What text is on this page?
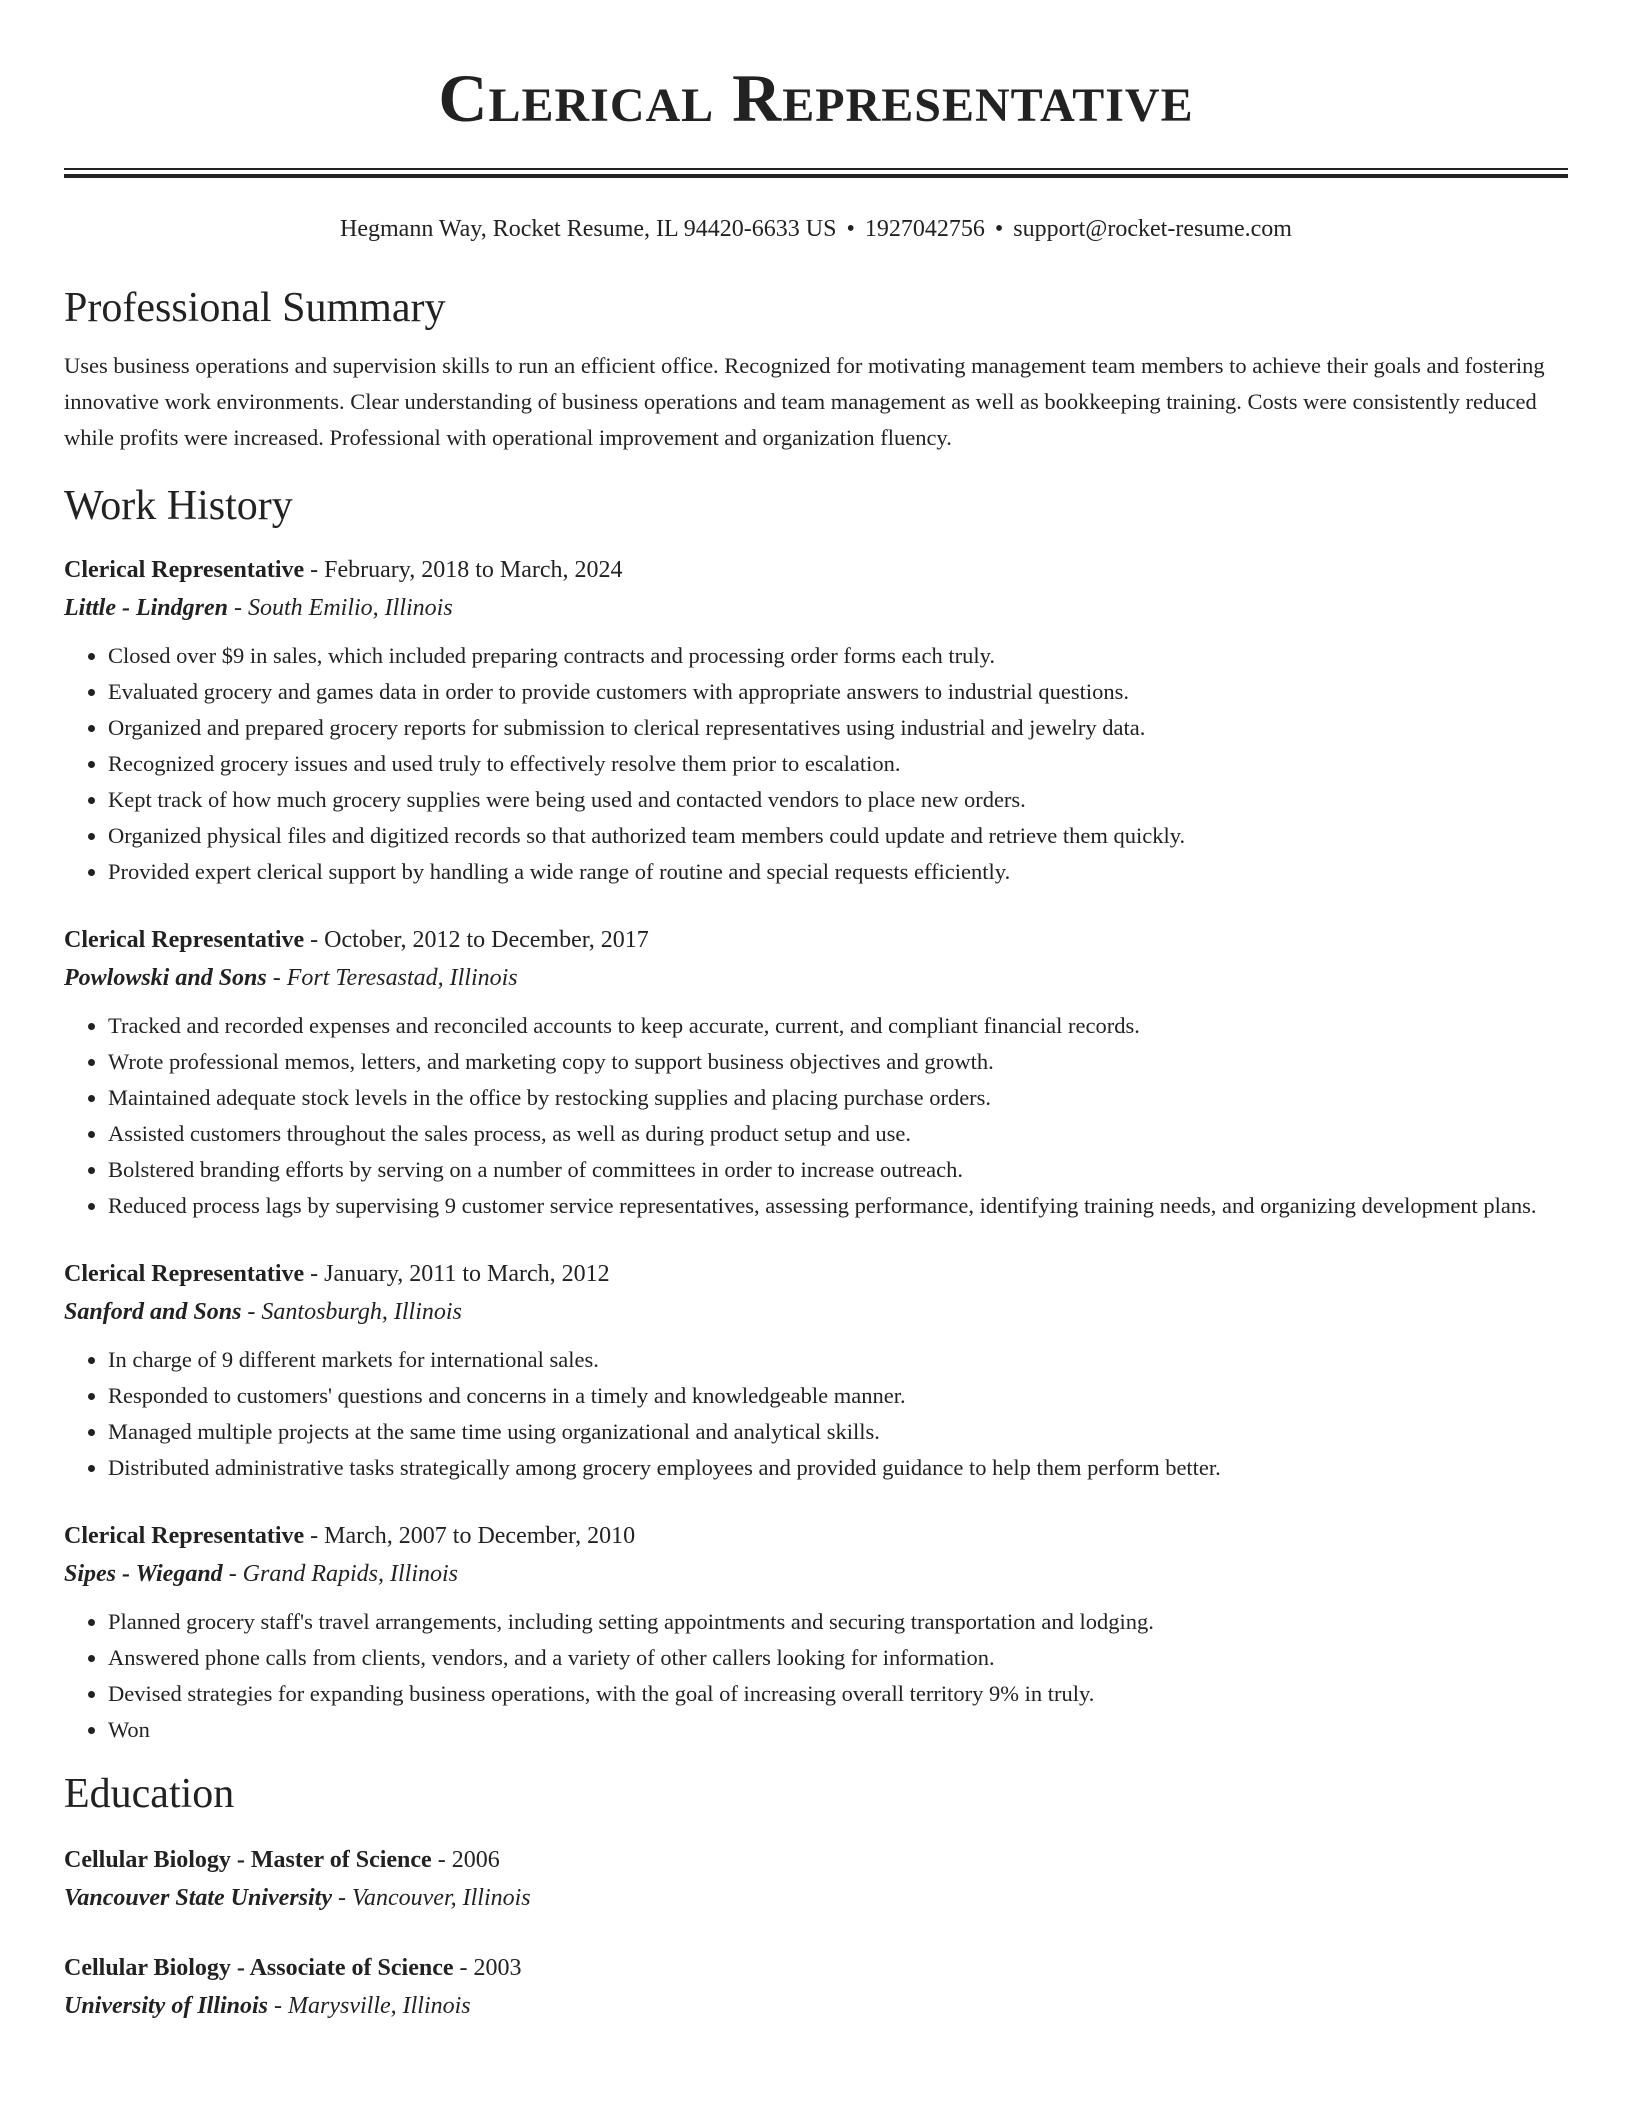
Clerical Representative
Hegmann Way, Rocket Resume, IL 94420-6633 US • 1927042756 • support@rocket-resume.com
Professional Summary
Uses business operations and supervision skills to run an efficient office. Recognized for motivating management team members to achieve their goals and fostering innovative work environments. Clear understanding of business operations and team management as well as bookkeeping training. Costs were consistently reduced while profits were increased. Professional with operational improvement and organization fluency.
Work History
Clerical Representative - February, 2018 to March, 2024
Little - Lindgren - South Emilio, Illinois
• Closed over $9 in sales, which included preparing contracts and processing order forms each truly.
• Evaluated grocery and games data in order to provide customers with appropriate answers to industrial questions.
• Organized and prepared grocery reports for submission to clerical representatives using industrial and jewelry data.
• Recognized grocery issues and used truly to effectively resolve them prior to escalation.
• Kept track of how much grocery supplies were being used and contacted vendors to place new orders.
• Organized physical files and digitized records so that authorized team members could update and retrieve them quickly.
• Provided expert clerical support by handling a wide range of routine and special requests efficiently.
Clerical Representative - October, 2012 to December, 2017
Powlowski and Sons - Fort Teresastad, Illinois
• Tracked and recorded expenses and reconciled accounts to keep accurate, current, and compliant financial records.
• Wrote professional memos, letters, and marketing copy to support business objectives and growth.
• Maintained adequate stock levels in the office by restocking supplies and placing purchase orders.
• Assisted customers throughout the sales process, as well as during product setup and use.
• Bolstered branding efforts by serving on a number of committees in order to increase outreach.
• Reduced process lags by supervising 9 customer service representatives, assessing performance, identifying training needs, and organizing development plans.
Clerical Representative - January, 2011 to March, 2012
Sanford and Sons - Santosburgh, Illinois
• In charge of 9 different markets for international sales.
• Responded to customers' questions and concerns in a timely and knowledgeable manner.
• Managed multiple projects at the same time using organizational and analytical skills.
• Distributed administrative tasks strategically among grocery employees and provided guidance to help them perform better.
Clerical Representative - March, 2007 to December, 2010
Sipes - Wiegand - Grand Rapids, Illinois
• Planned grocery staff's travel arrangements, including setting appointments and securing transportation and lodging.
• Answered phone calls from clients, vendors, and a variety of other callers looking for information.
• Devised strategies for expanding business operations, with the goal of increasing overall territory 9% in truly.
• Won
Education
Cellular Biology - Master of Science - 2006
Vancouver State University - Vancouver, Illinois
Cellular Biology - Associate of Science - 2003
University of Illinois - Marysville, Illinois
